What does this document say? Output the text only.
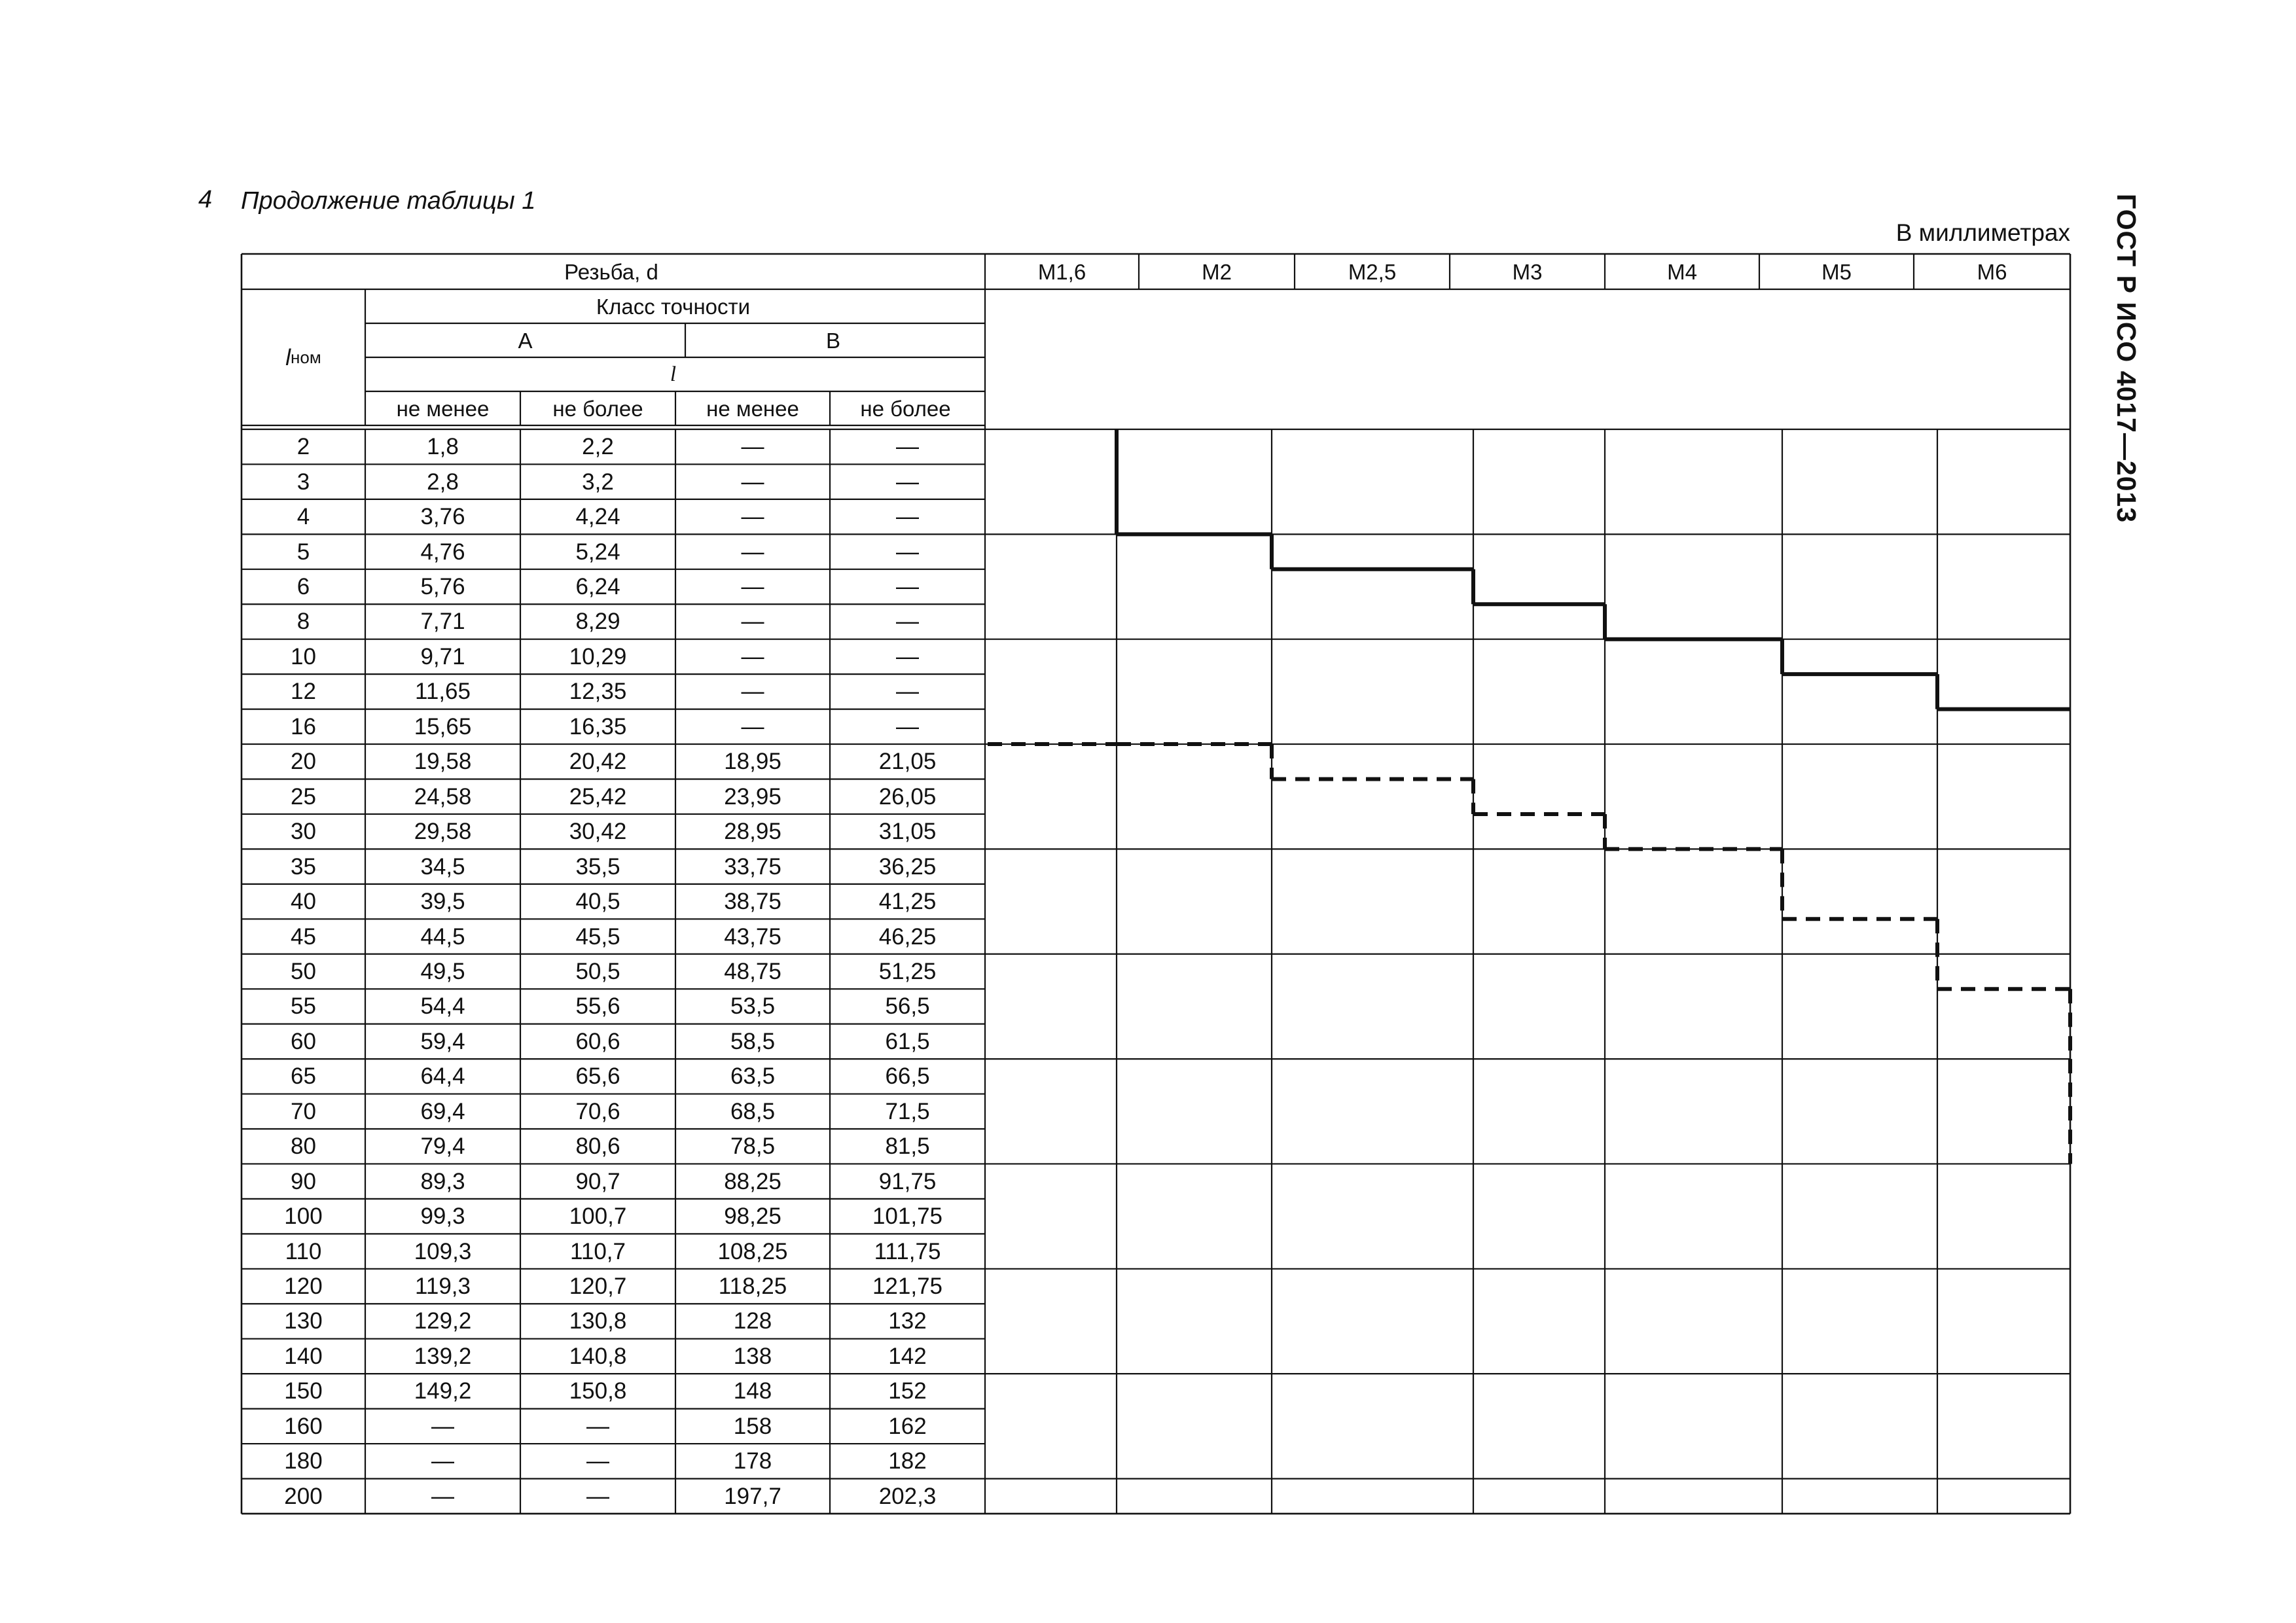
4 Продолжение таблицы 1
В миллиметрах ГОСТ Р ИСО 4017—2013
Резьба, d	M1,6	M2	M2,5	M3	M4	M5	M6
l ном
Класс точности
A	B
l
не менее	не более	не менее	не более
2	1,8	2,2	—	—
3	2,8	3,2	—	—
4	3,76	4,24	—	—
5	4,76	5,24	—	—
6	5,76	6,24	—	—
8	7,71	8,29	—	—
10	9,71	10,29	—	—
12	11,65	12,35	—	—
16	15,65	16,35	—	—
20	19,58	20,42	18,95	21,05
25	24,58	25,42	23,95	26,05
30	29,58	30,42	28,95	31,05
35	34,5	35,5	33,75	36,25
40	39,5	40,5	38,75	41,25
45	44,5	45,5	43,75	46,25
50	49,5	50,5	48,75	51,25
55	54,4	55,6	53,5	56,5
60	59,4	60,6	58,5	61,5
65	64,4	65,6	63,5	66,5
70	69,4	70,6	68,5	71,5
80	79,4	80,6	78,5	81,5
90	89,3	90,7	88,25	91,75
100	99,3	100,7	98,25	101,75
110	109,3	110,7	108,25	111,75
120	119,3	120,7	118,25	121,75
130	129,2	130,8	128	132
140	139,2	140,8	138	142
150	149,2	150,8	148	152
160	—	—	158	162
180	—	—	178	182
200	—	—	197,7	202,3
